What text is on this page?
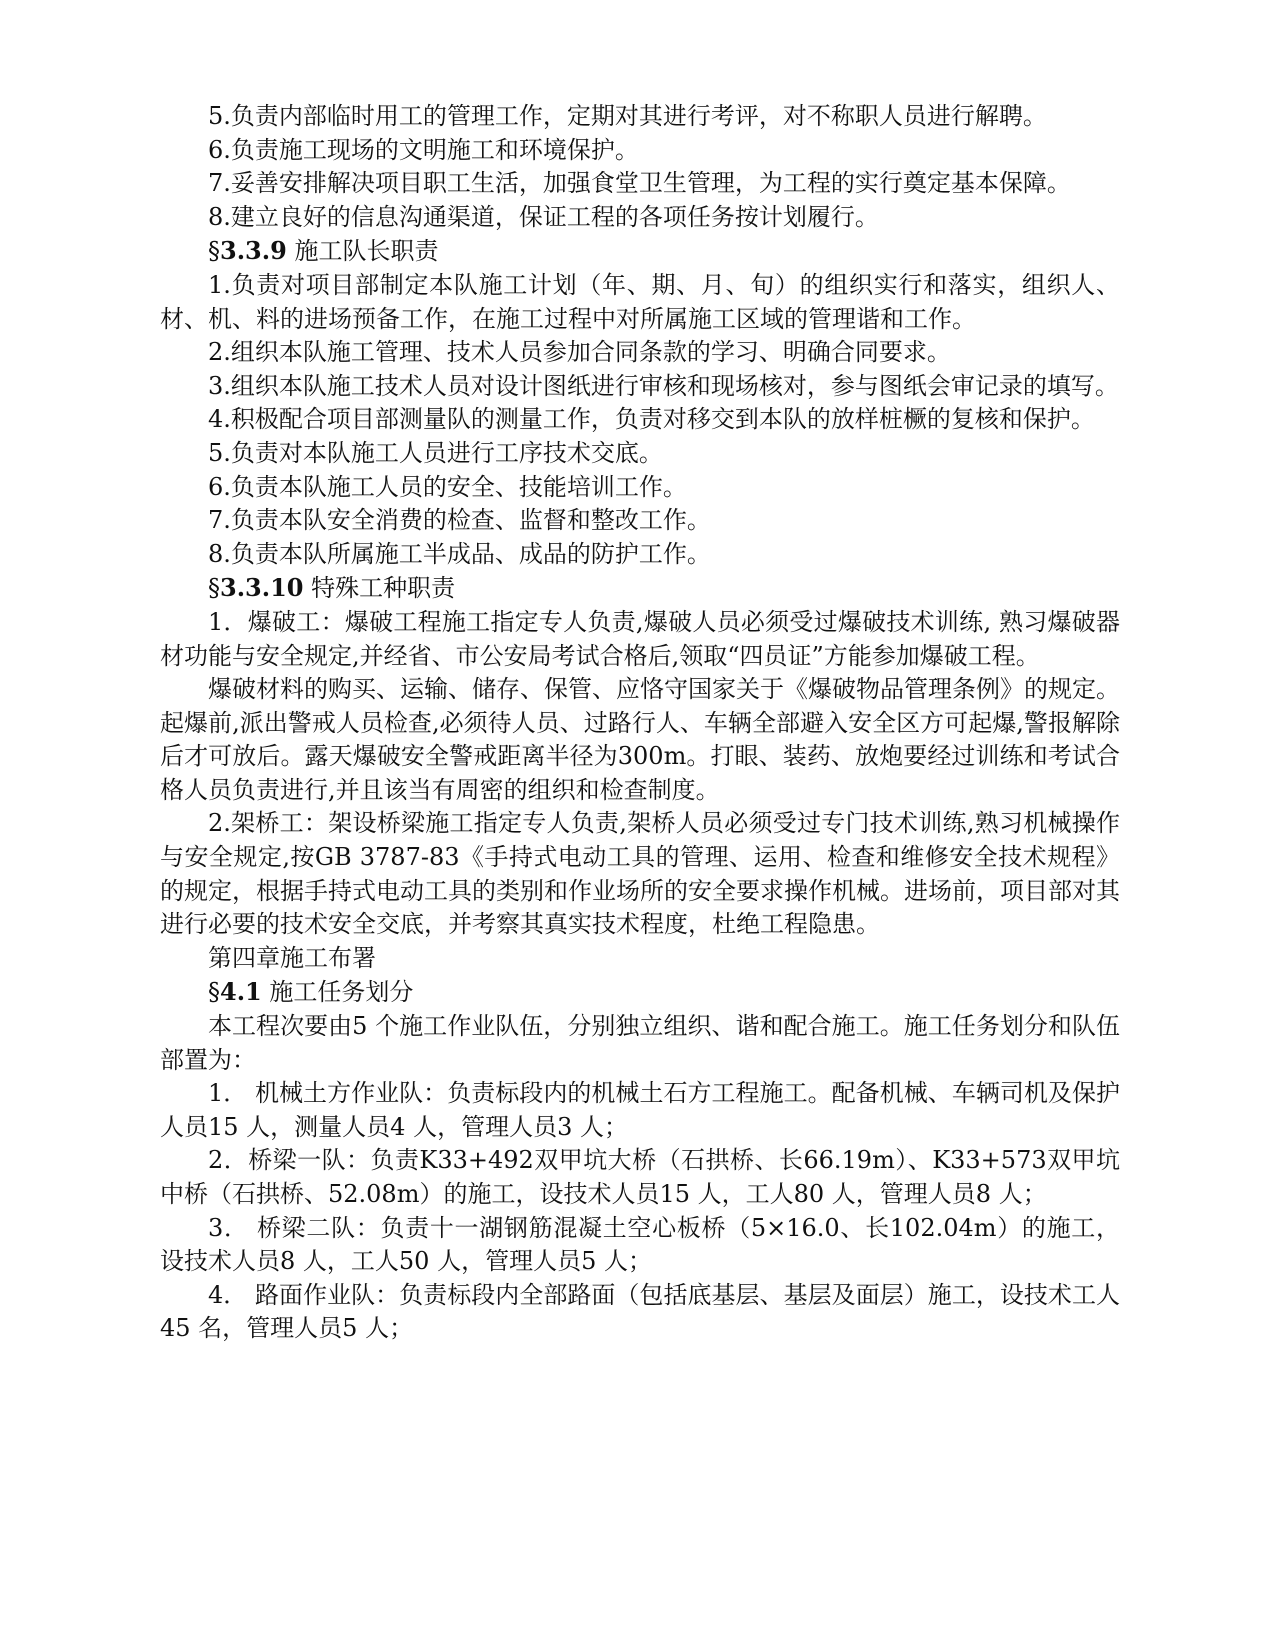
5.负责内部临时用工的管理工作，定期对其进行考评，对不称职人员进行解聘。

6.负责施工现场的文明施工和环境保护。

7.妥善安排解决项目职工生活，加强食堂卫生管理，为工程的实行奠定基本保障。

8.建立良好的信息沟通渠道，保证工程的各项任务按计划履行。

§3.3.9 施工队长职责

1.负责对项目部制定本队施工计划（年、期、月、旬）的组织实行和落实，组织人、材、机、料的进场预备工作，在施工过程中对所属施工区域的管理谐和工作。

2.组织本队施工管理、技术人员参加合同条款的学习、明确合同要求。

3.组织本队施工技术人员对设计图纸进行审核和现场核对，参与图纸会审记录的填写。

4.积极配合项目部测量队的测量工作，负责对移交到本队的放样桩橛的复核和保护。

5.负责对本队施工人员进行工序技术交底。

6.负责本队施工人员的安全、技能培训工作。

7.负责本队安全消费的检查、监督和整改工作。

8.负责本队所属施工半成品、成品的防护工作。

§3.3.10 特殊工种职责

1．爆破工：爆破工程施工指定专人负责,爆破人员必须受过爆破技术训练, 熟习爆破器材功能与安全规定,并经省、市公安局考试合格后,领取“四员证”方能参加爆破工程。

爆破材料的购买、运输、储存、保管、应恪守国家关于《爆破物品管理条例》的规定。起爆前,派出警戒人员检查,必须待人员、过路行人、车辆全部避入安全区方可起爆,警报解除后才可放后。露天爆破安全警戒距离半径为300m。打眼、装药、放炮要经过训练和考试合格人员负责进行,并且该当有周密的组织和检查制度。

2.架桥工：架设桥梁施工指定专人负责,架桥人员必须受过专门技术训练,熟习机械操作与安全规定,按GB 3787-83《手持式电动工具的管理、运用、检查和维修安全技术规程》的规定，根据手持式电动工具的类别和作业场所的安全要求操作机械。进场前，项目部对其进行必要的技术安全交底，并考察其真实技术程度，杜绝工程隐患。

第四章施工布署

§4.1 施工任务划分

本工程次要由5 个施工作业队伍，分别独立组织、谐和配合施工。施工任务划分和队伍部置为：

1． 机械土方作业队：负责标段内的机械土石方工程施工。配备机械、车辆司机及保护人员15 人，测量人员4 人，管理人员3 人；

2．桥梁一队：负责K33+492双甲坑大桥（石拱桥、长66.19m）、K33+573双甲坑中桥（石拱桥、52.08m）的施工，设技术人员15 人，工人80 人，管理人员8 人；

3． 桥梁二队：负责十一湖钢筋混凝土空心板桥（5×16.0、长102.04m）的施工，设技术人员8 人，工人50 人，管理人员5 人；

4． 路面作业队：负责标段内全部路面（包括底基层、基层及面层）施工，设技术工人45 名，管理人员5 人；
